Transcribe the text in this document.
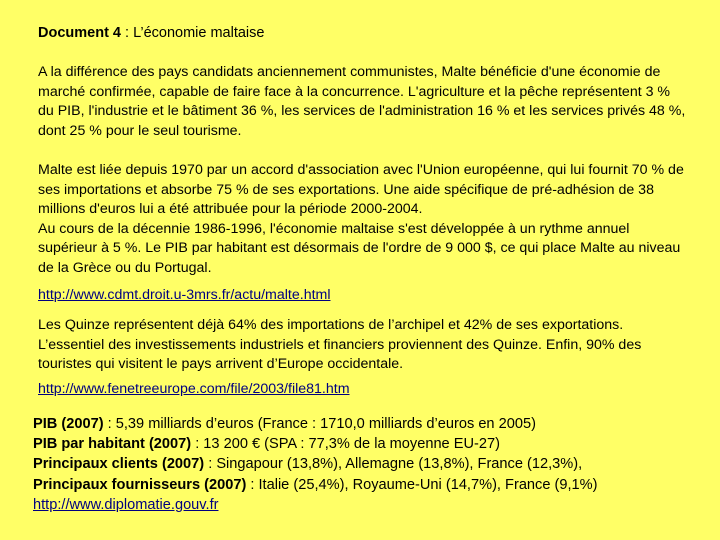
Document 4 : L’économie maltaise

A la différence des pays candidats anciennement communistes, Malte bénéficie d'une économie de marché confirmée, capable de faire face à la concurrence. L'agriculture et la pêche représentent 3 % du PIB, l'industrie et le bâtiment 36 %, les services de l'administration 16 % et les services privés 48 %, dont 25 % pour le seul tourisme.

Malte est liée depuis 1970 par un accord d'association avec l'Union européenne, qui lui fournit 70 % de ses importations et absorbe 75 % de ses exportations. Une aide spécifique de pré-adhésion de 38 millions d'euros lui a été attribuée pour la période 2000-2004.
Au cours de la décennie 1986-1996, l'économie maltaise s'est développée à un rythme annuel supérieur à 5 %. Le PIB par habitant est désormais de l'ordre de 9 000 $, ce qui place Malte au niveau de la Grèce ou du Portugal.
http://www.cdmt.droit.u-3mrs.fr/actu/malte.html

Les Quinze représentent déjà 64% des importations de l’archipel et 42% de ses exportations. L’essentiel des investissements industriels et financiers proviennent des Quinze. Enfin, 90% des touristes qui visitent le pays arrivent d’Europe occidentale.

http://www.fenetreeurope.com/file/2003/file81.htm
PIB (2007) : 5,39 milliards d’euros (France : 1710,0 milliards d’euros en 2005)
PIB par habitant (2007) : 13 200 € (SPA : 77,3% de la moyenne EU-27)
Principaux clients (2007) : Singapour (13,8%), Allemagne (13,8%), France (12,3%),
Principaux fournisseurs (2007) : Italie (25,4%), Royaume-Uni (14,7%), France (9,1%)
http://www.diplomatie.gouv.fr
